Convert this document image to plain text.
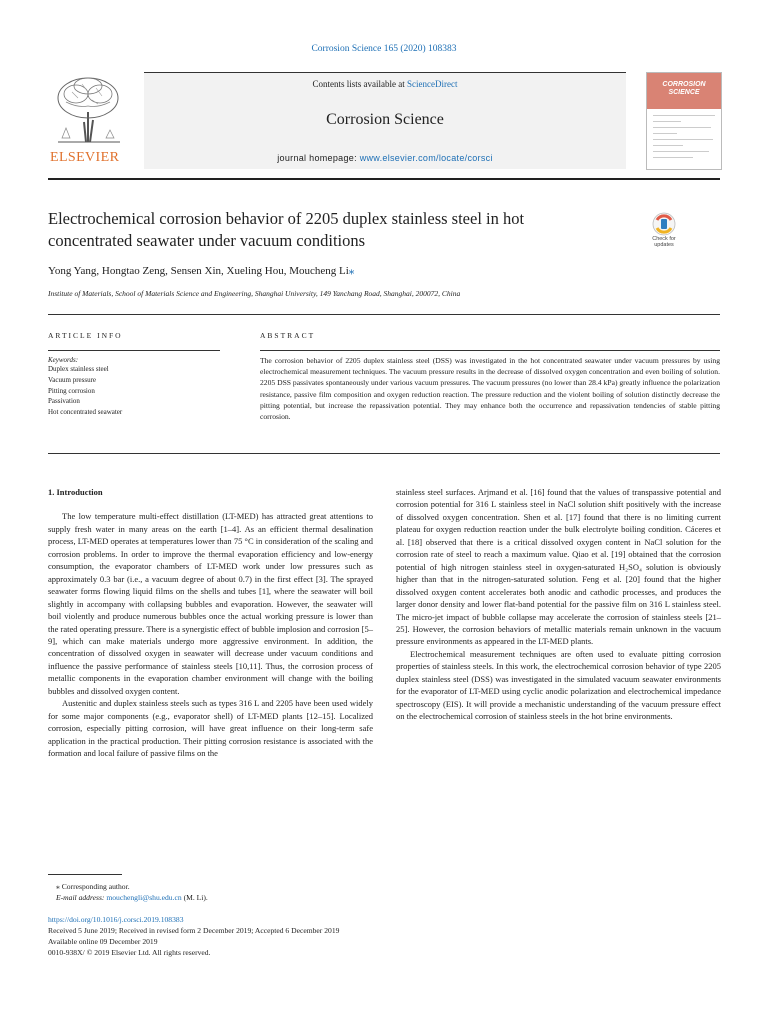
Corrosion Science 165 (2020) 108383
ELSEVIER
Contents lists available at ScienceDirect
Corrosion Science
journal homepage: www.elsevier.com/locate/corsci
CORROSION
SCIENCE
Electrochemical corrosion behavior of 2205 duplex stainless steel in hot concentrated seawater under vacuum conditions	Check for updates
Yong Yang, Hongtao Zeng, Sensen Xin, Xueling Hou, Moucheng Li⁎
Institute of Materials, School of Materials Science and Engineering, Shanghai University, 149 Yanchang Road, Shanghai, 200072, China
ARTICLE INFO
Keywords:
Duplex stainless steel
Vacuum pressure
Pitting corrosion
Passivation
Hot concentrated seawater
ABSTRACT
The corrosion behavior of 2205 duplex stainless steel (DSS) was investigated in the hot concentrated seawater under vacuum pressures by using electrochemical measurement techniques. The vacuum pressure results in the decrease of dissolved oxygen concentration and even boiling of solution. 2205 DSS passivates spontaneously under various vacuum pressures. The vacuum pressures (no lower than 28.4 kPa) greatly influence the polarization resistance, passive film composition and oxygen reduction reaction. The pressure reduction and the violent boiling of solution distinctly decrease the pitting potential, but increase the repassivation potential. They may enhance both the occurrence and repassivation tendencies of stable pitting corrosion.

1. Introduction

The low temperature multi-effect distillation (LT-MED) has attracted great attentions to supply fresh water in many areas on the earth [1–4]. As an efficient thermal desalination process, LT-MED operates at temperatures lower than 75 °C in consideration of the scaling and corrosion problems. In order to improve the thermal evaporation efficiency and low-energy consumption, the evaporator chambers of LT-MED work under low pressures such as approximately 0.3 bar (i.e., a vacuum degree of about 0.7) in the first effect [3]. The sprayed seawater forms flowing liquid films on the shells and tubes [1], where the seawater will boil slightly in accompany with collapsing bubbles and evaporation. However, the seawater will boil violently and produce numerous bubbles once the actual working pressure is lower than the rated operating pressure. There is a synergistic effect of bubble implosion and corrosion [5–9], which can make materials undergo more aggressive environment. In addition, the concentration of dissolved oxygen in seawater will decrease under vacuum conditions and influence the passive performance of stainless steels [10,11]. Thus, the corrosion process of metallic components in the evaporation chamber environment will change with the boiling bubbles and dissolved oxygen content.

Austenitic and duplex stainless steels such as types 316 L and 2205 have been used widely for some major components (e.g., evaporator shell) of LT-MED plants [12–15]. Localized corrosion, especially pitting corrosion, will have great influence on their long-term safe application in the practical production. Their pitting corrosion resistance is associated with the formation and local failure of passive films on the

stainless steel surfaces. Arjmand et al. [16] found that the values of transpassive potential and corrosion potential for 316 L stainless steel in NaCl solution shift positively with the increase of dissolved oxygen concentration. Shen et al. [17] found that there is no limiting current plateau for oxygen reduction reaction under the bulk electrolyte boiling condition. Cáceres et al. [18] observed that there is a critical dissolved oxygen content in NaCl solution for the corrosion rate of steel to reach a maximum value. Qiao et al. [19] obtained that the corrosion potential of high nitrogen stainless steel in oxygen-saturated H₂SO₄ solution is obviously higher than that in the nitrogen-saturated solution. Feng et al. [20] found that the higher dissolved oxygen content accelerates both anodic and cathodic processes, and produces the larger donor density and lower flat-band potential for the passive film on 316 L stainless steel. The micro-jet impact of bubble collapse may accelerate the corrosion of stainless steels [21–25]. However, the corrosion behaviors of metallic materials remain unknown in the vacuum pressure environments as appeared in the LT-MED plants.

Electrochemical measurement techniques are often used to evaluate pitting corrosion properties of stainless steels. In this work, the electrochemical corrosion behavior of type 2205 duplex stainless steel (DSS) was investigated in the simulated vacuum seawater environments for the evaporator of LT-MED using cyclic anodic polarization and electrochemical impedance spectroscopy (EIS). It will provide a mechanistic understanding of the vacuum pressure effect on the electrochemical corrosion of stainless steels in the hot brine environments.

⁎ Corresponding author.
E-mail address: mouchengli@shu.edu.cn (M. Li).
https://doi.org/10.1016/j.corsci.2019.108383
Received 5 June 2019; Received in revised form 2 December 2019; Accepted 6 December 2019
Available online 09 December 2019
0010-938X/ © 2019 Elsevier Ltd. All rights reserved.
